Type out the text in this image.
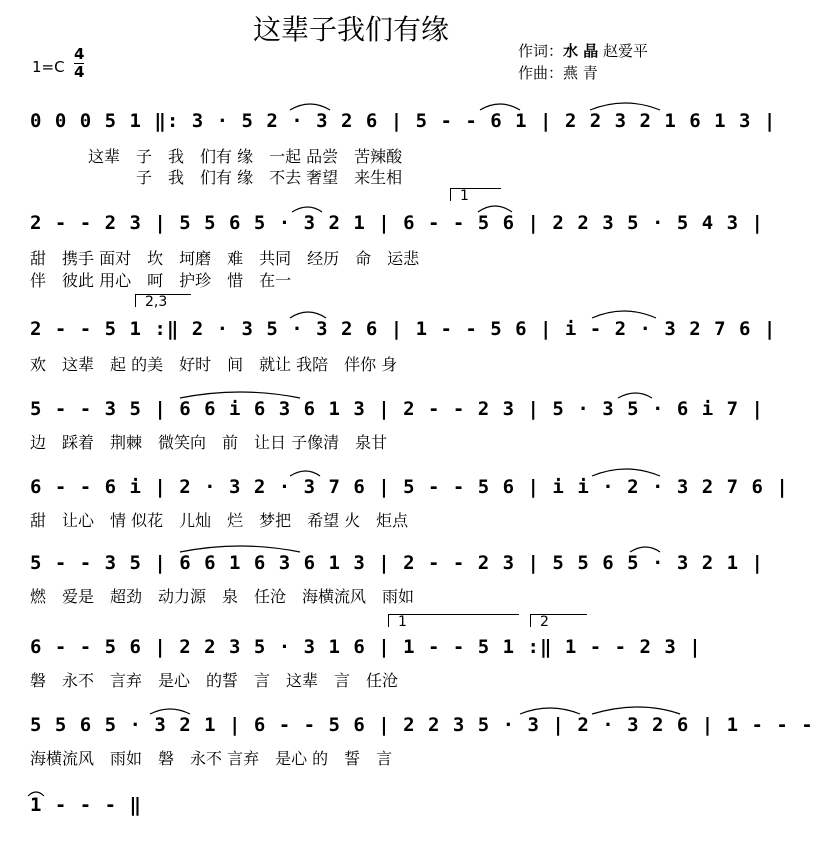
这辈子我们有缘
1=C
4
4
作词：水 晶 赵爱平
作曲：燕 青
0 0 0 5 1 ‖: 3 · 5 2 · 3 2 6 | 5 - - 6 1 | 2 2 3 2 1 6 1 3 |
这辈　子　我　们有 缘　一起 品尝　苦辣酸
　　　子　我　们有 缘　不去 奢望　来生相
1
2 - - 2 3 | 5 5 6 5 · 3 2 1 | 6 - - 5 6 | 2 2 3 5 · 5 4 3 |
甜　携手 面对　坎　坷磨　难　共同　经历　命　运悲
伴　彼此 用心　呵　护珍　惜　在一
2,3
2 - - 5 1 :‖ 2 · 3 5 · 3 2 6 | 1 - - 5 6 | i - 2 · 3 2 7 6 |
欢　这辈　起 的美　好时　间　就让 我陪　伴你 身
5 - - 3 5 | 6 6 i 6 3 6 1 3 | 2 - - 2 3 | 5 · 3 5 · 6 i 7 |
边　踩着　荆棘　微笑向　前　让日 子像清　泉甘
6 - - 6 i | 2 · 3 2 · 3 7 6 | 5 - - 5 6 | i i · 2 · 3 2 7 6 |
甜　让心　情 似花　儿灿　烂　梦把　希望 火　炬点
5 - - 3 5 | 6 6 1 6 3 6 1 3 | 2 - - 2 3 | 5 5 6 5 · 3 2 1 |
燃　爱是　超劲　动力源　泉　任沧　海横流风　雨如
1	2
6 - - 5 6 | 2 2 3 5 · 3 1 6 | 1 - - 5 1 :‖ 1 - - 2 3 |
磐　永不　言弃　是心　的誓　言　这辈　言　任沧
5 5 6 5 · 3 2 1 | 6 - - 5 6 | 2 2 3 5 · 3 | 2 · 3 2 6 | 1 - - -
海横流风　雨如　磐　永不 言弃　是心 的　誓　言
1 - - - ‖
